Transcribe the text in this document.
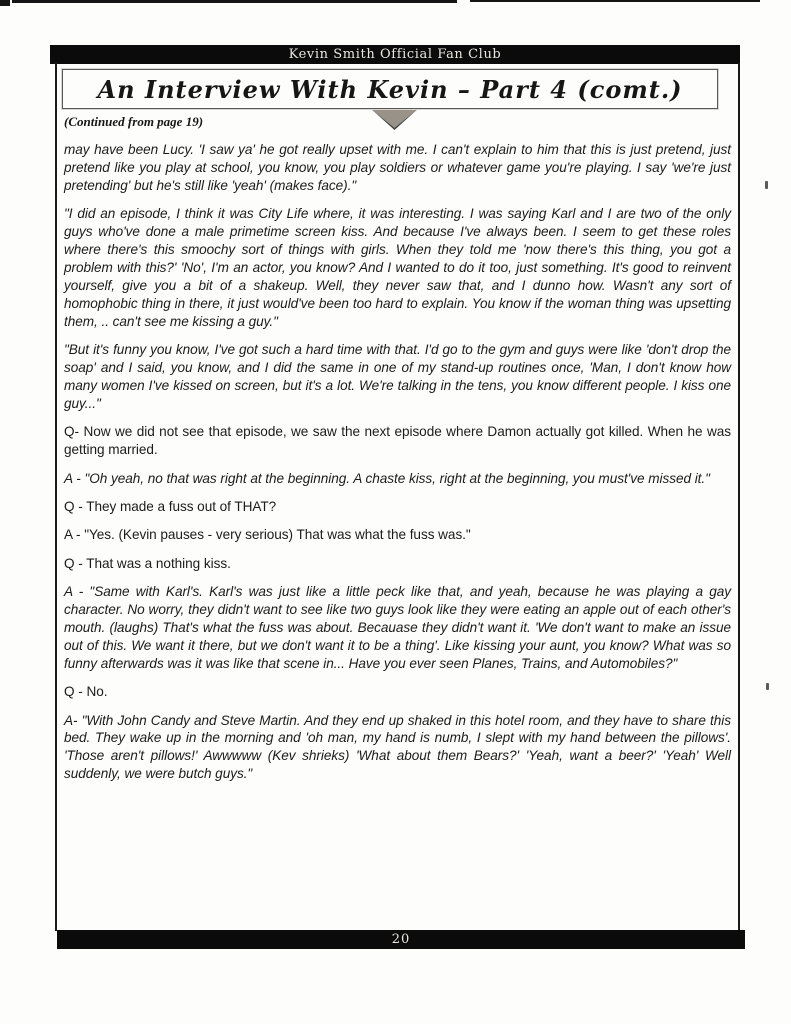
Kevin Smith Official Fan Club
An Interview With Kevin – Part 4 (comt.)
(Continued from page 19)

may have been Lucy. 'I saw ya' he got really upset with me. I can't explain to him that this is just pretend, just pretend like you play at school, you know, you play soldiers or whatever game you're playing. I say 'we're just pretending' but he's still like 'yeah' (makes face)."

"I did an episode, I think it was City Life where, it was interesting. I was saying Karl and I are two of the only guys who've done a male primetime screen kiss. And because I've always been. I seem to get these roles where there's this smoochy sort of things with girls. When they told me 'now there's this thing, you got a problem with this?' 'No', I'm an actor, you know? And I wanted to do it too, just something. It's good to reinvent yourself, give you a bit of a shakeup. Well, they never saw that, and I dunno how. Wasn't any sort of homophobic thing in there, it just would've been too hard to explain. You know if the woman thing was upsetting them, .. can't see me kissing a guy."

"But it's funny you know, I've got such a hard time with that. I'd go to the gym and guys were like 'don't drop the soap' and I said, you know, and I did the same in one of my stand-up routines once, 'Man, I don't know how many women I've kissed on screen, but it's a lot. We're talking in the tens, you know different people. I kiss one guy..."

Q- Now we did not see that episode, we saw the next episode where Damon actually got killed. When he was getting married.

A - "Oh yeah, no that was right at the beginning. A chaste kiss, right at the beginning, you must've missed it."

Q - They made a fuss out of THAT?

A - "Yes. (Kevin pauses - very serious) That was what the fuss was."

Q - That was a nothing kiss.

A - "Same with Karl's. Karl's was just like a little peck like that, and yeah, because he was playing a gay character. No worry, they didn't want to see like two guys look like they were eating an apple out of each other's mouth. (laughs) That's what the fuss was about. Becauase they didn't want it. 'We don't want to make an issue out of this. We want it there, but we don't want it to be a thing'. Like kissing your aunt, you know? What was so funny afterwards was it was like that scene in... Have you ever seen Planes, Trains, and Automobiles?"

Q - No.

A- "With John Candy and Steve Martin. And they end up shaked in this hotel room, and they have to share this bed. They wake up in the morning and 'oh man, my hand is numb, I slept with my hand between the pillows'. 'Those aren't pillows!' Awwwww (Kev shrieks) 'What about them Bears?' 'Yeah, want a beer?' 'Yeah' Well suddenly, we were butch guys."

20
